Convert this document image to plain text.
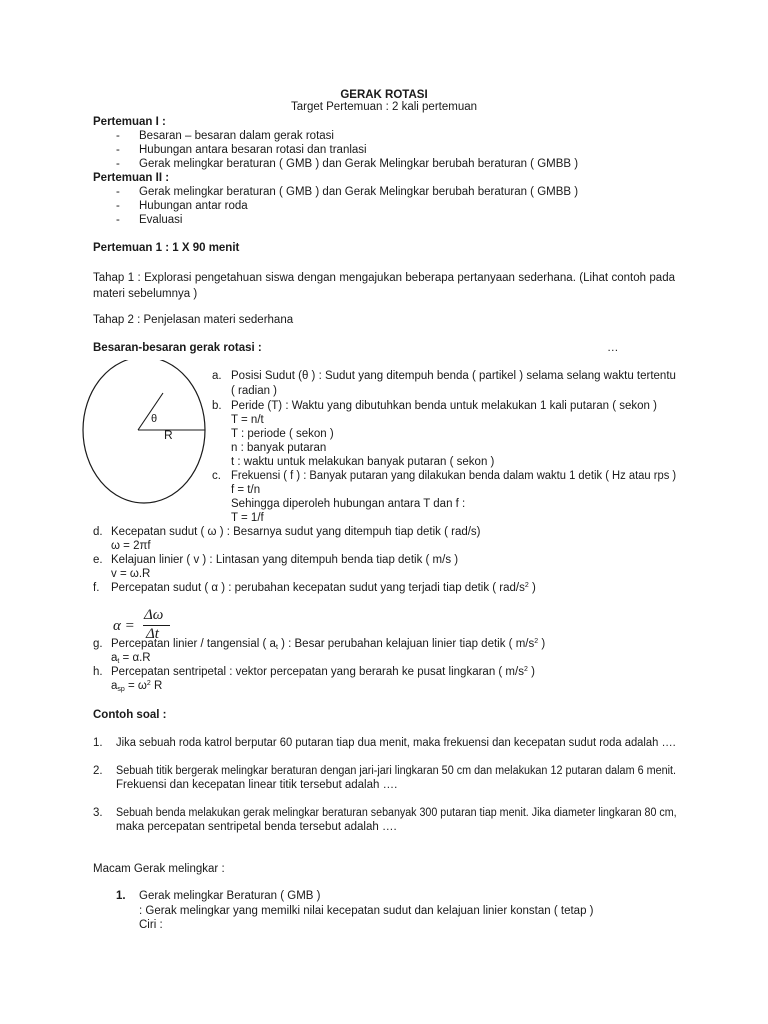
GERAK ROTASI
Target Pertemuan : 2 kali pertemuan
Pertemuan I :
- Besaran – besaran dalam gerak rotasi
- Hubungan antara besaran rotasi dan tranlasi
- Gerak melingkar beraturan ( GMB ) dan Gerak Melingkar berubah beraturan ( GMBB )
Pertemuan II :
- Gerak melingkar beraturan ( GMB ) dan Gerak Melingkar berubah beraturan ( GMBB )
- Hubungan antar roda
- Evaluasi
Pertemuan 1 : 1 X 90 menit
Tahap 1 : Explorasi pengetahuan siswa dengan mengajukan beberapa pertanyaan sederhana. (Lihat contoh pada materi sebelumnya )
Tahap 2 : Penjelasan materi sederhana
Besaran-besaran gerak rotasi :	…
θ
R
a. Posisi Sudut (θ ) : Sudut yang ditempuh benda ( partikel ) selama selang waktu tertentu
( radian )
b. Peride (T) : Waktu yang dibutuhkan benda untuk melakukan 1 kali putaran ( sekon )
T = n/t
T : periode ( sekon )
n : banyak putaran
t : waktu untuk melakukan banyak putaran ( sekon )
c. Frekuensi ( f ) : Banyak putaran yang dilakukan benda dalam waktu 1 detik ( Hz atau rps )
f = t/n
Sehingga diperoleh hubungan antara T dan f :
T = 1/f
d. Kecepatan sudut ( ω ) : Besarnya sudut yang ditempuh tiap detik ( rad/s)
ω = 2πf
e. Kelajuan linier ( v ) : Lintasan yang ditempuh benda tiap detik ( m/s )
v = ω.R
f. Percepatan sudut ( α ) : perubahan kecepatan sudut yang terjadi tiap detik ( rad/$s^2$ )
α =
Δω
Δt
g. Percepatan linier / tangensial ( $a_t$ ) : Besar perubahan kelajuan linier tiap detik ( $m/s^2$ )
$a_t = \alpha.R$
h. Percepatan sentripetal : vektor percepatan yang berarah ke pusat lingkaran ( $m/s^2$ )
$a_{sp} = \omega^2$ R
Contoh soal :
1. Jika sebuah roda katrol berputar 60 putaran tiap dua menit, maka frekuensi dan kecepatan sudut roda adalah ….
2. Sebuah titik bergerak melingkar beraturan dengan jari-jari lingkaran 50 cm dan melakukan 12 putaran dalam 6 menit.
Frekuensi dan kecepatan linear titik tersebut adalah ….
3. Sebuah benda melakukan gerak melingkar beraturan sebanyak 300 putaran tiap menit. Jika diameter lingkaran 80 cm,
maka percepatan sentripetal benda tersebut adalah ….
Macam Gerak melingkar :
1. Gerak melingkar Beraturan ( GMB )
: Gerak melingkar yang memilki nilai kecepatan sudut dan kelajuan linier konstan ( tetap )
Ciri :
